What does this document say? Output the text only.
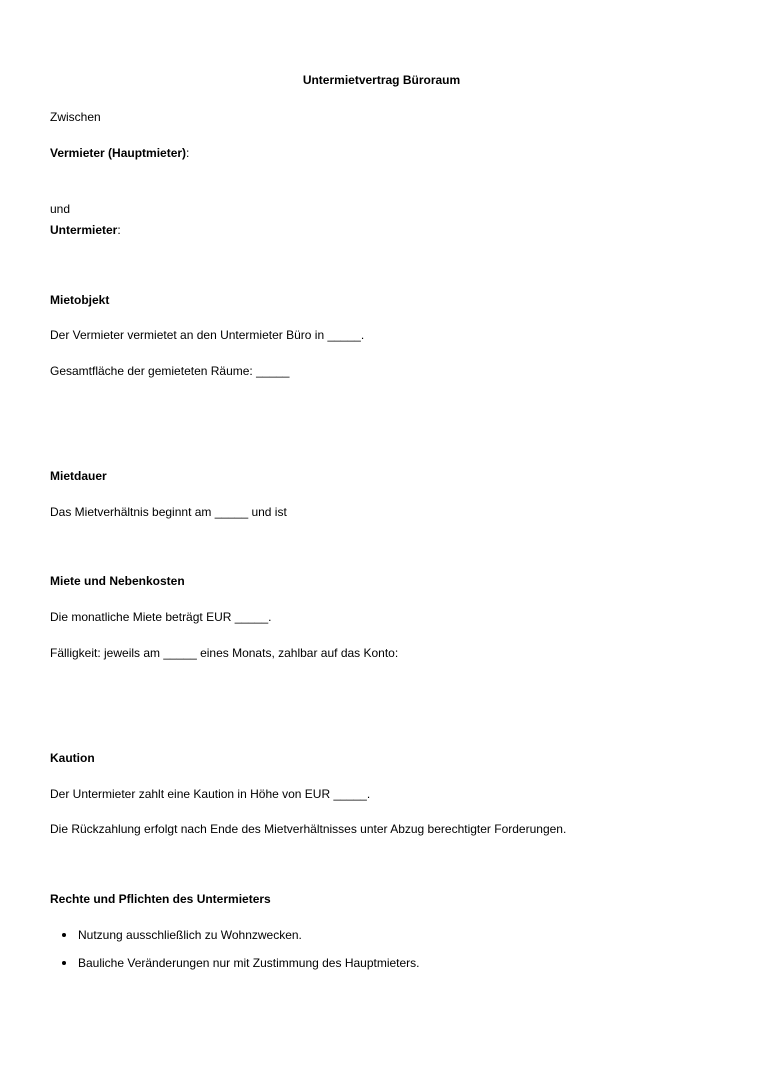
Untermietvertrag Büroraum

Zwischen

Vermieter (Hauptmieter):

und

Untermieter:

Mietobjekt

Der Vermieter vermietet an den Untermieter Büro in _____.

Gesamtfläche der gemieteten Räume: _____

Mietdauer

Das Mietverhältnis beginnt am _____ und ist

Miete und Nebenkosten

Die monatliche Miete beträgt EUR _____.

Fälligkeit: jeweils am _____ eines Monats, zahlbar auf das Konto:

Kaution

Der Untermieter zahlt eine Kaution in Höhe von EUR _____.

Die Rückzahlung erfolgt nach Ende des Mietverhältnisses unter Abzug berechtigter Forderungen.

Rechte und Pflichten des Untermieters

Nutzung ausschließlich zu Wohnzwecken.
Bauliche Veränderungen nur mit Zustimmung des Hauptmieters.
